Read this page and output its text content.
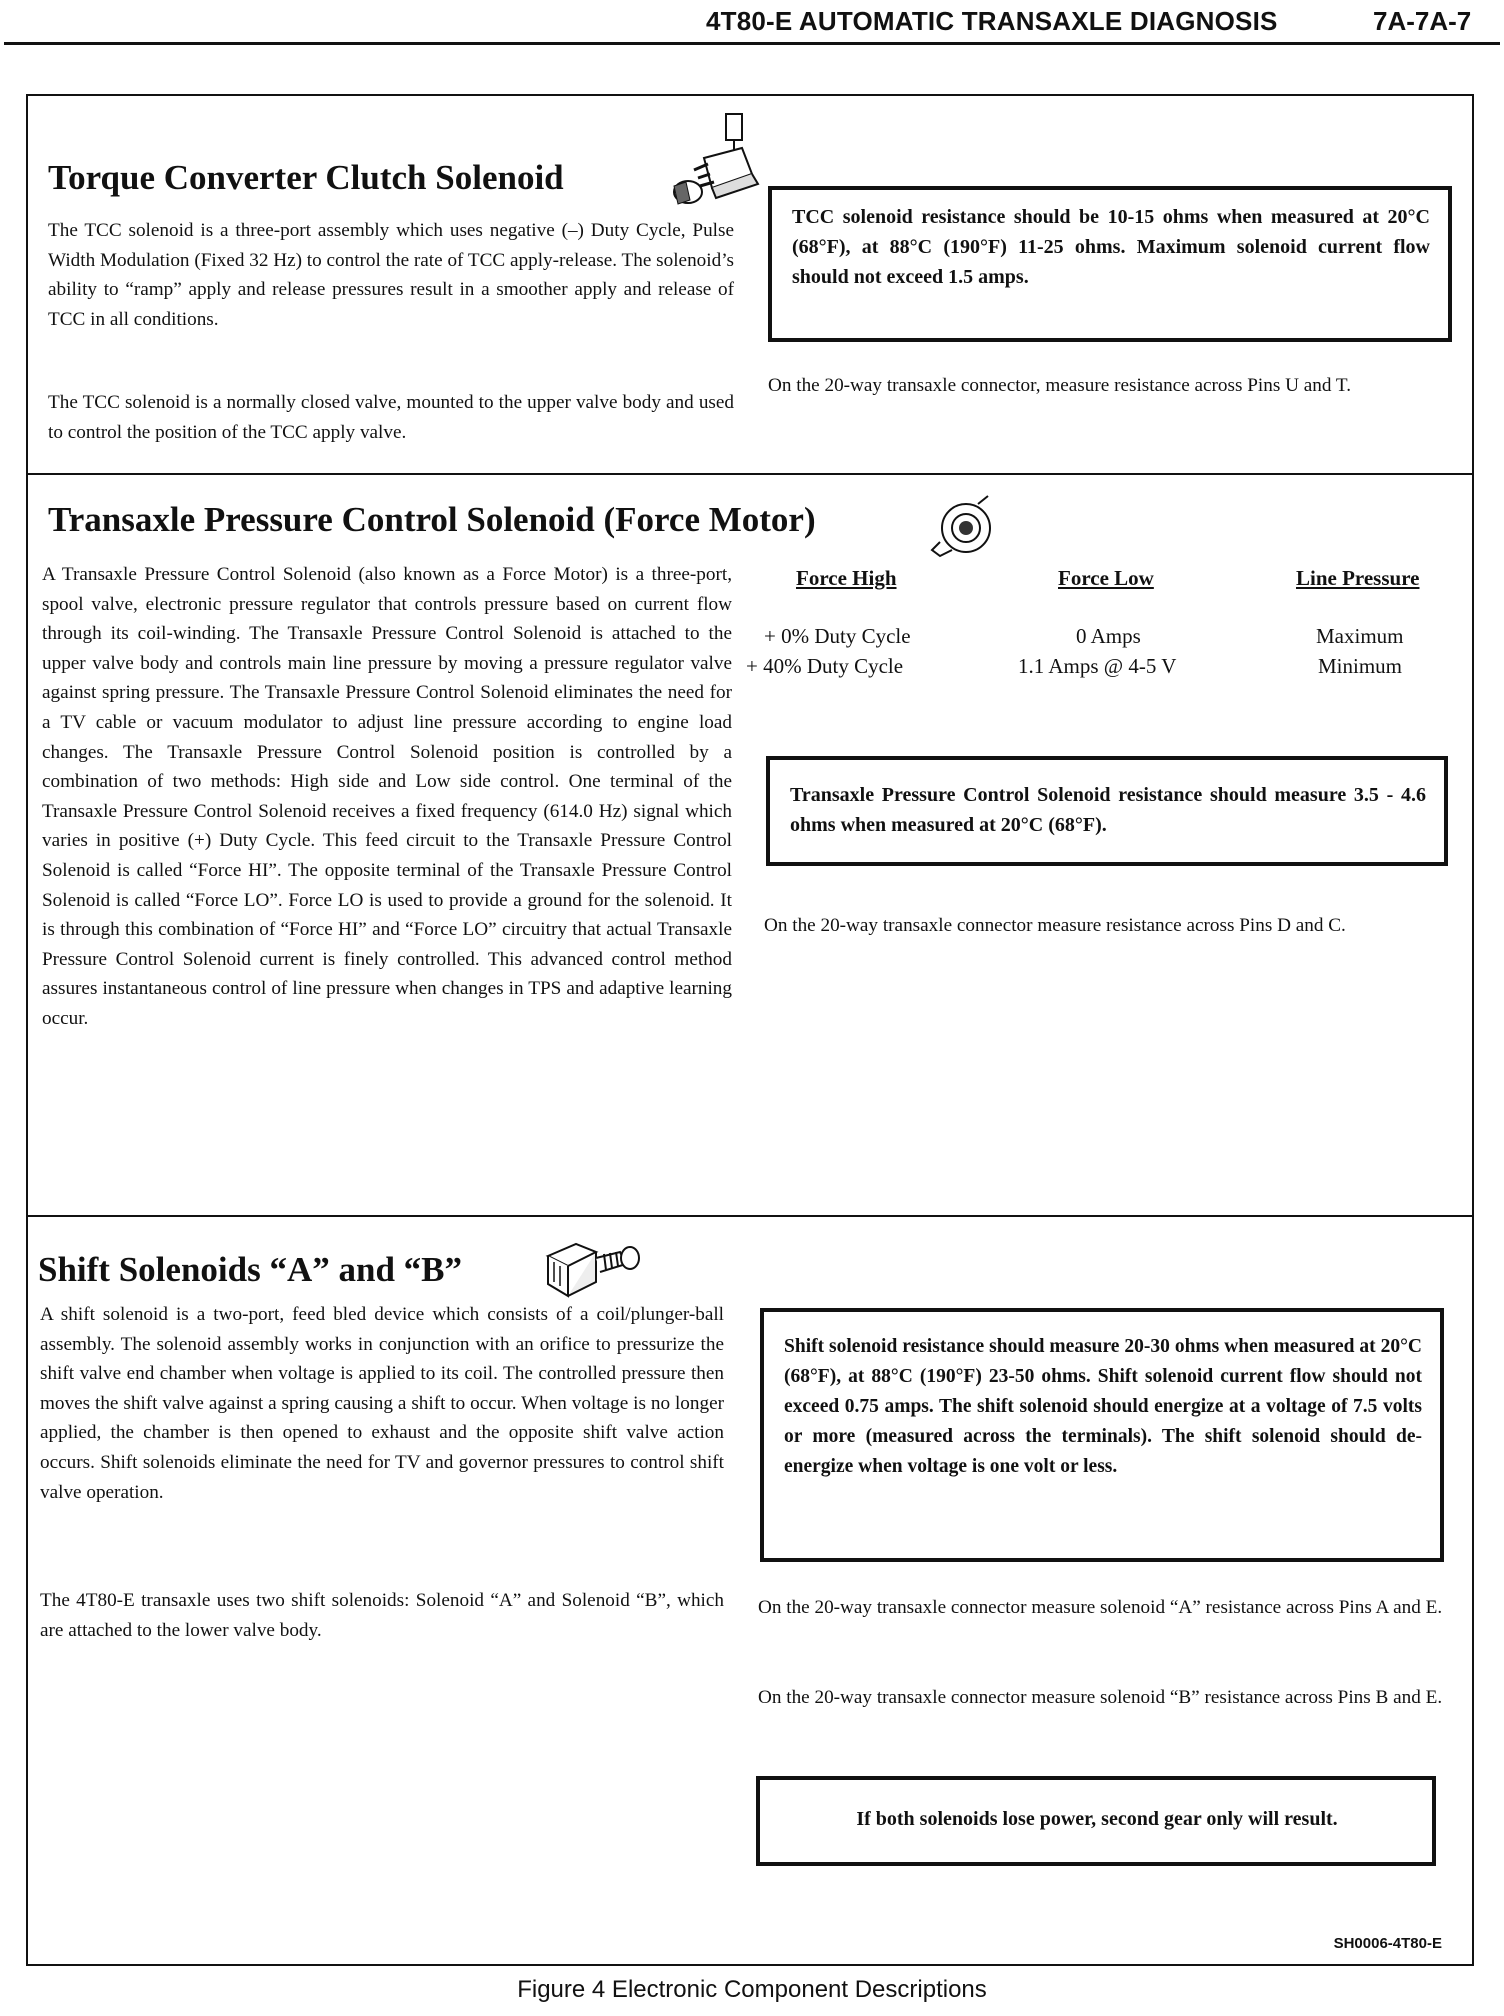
4T80-E AUTOMATIC TRANSAXLE DIAGNOSIS	7A-7A-7
Torque Converter Clutch Solenoid

The TCC solenoid is a three-port assembly which uses negative (–) Duty Cycle, Pulse Width Modulation (Fixed 32 Hz) to control the rate of TCC apply-release. The solenoid’s ability to “ramp” apply and release pressures result in a smoother apply and release of TCC in all conditions.

The TCC solenoid is a normally closed valve, mounted to the upper valve body and used to control the position of the TCC apply valve.

TCC solenoid resistance should be 10-15 ohms when measured at 20°C (68°F), at 88°C (190°F) 11-25 ohms. Maximum solenoid current flow should not exceed 1.5 amps.

On the 20-way transaxle connector, measure resistance across Pins U and T.

Transaxle Pressure Control Solenoid (Force Motor)

A Transaxle Pressure Control Solenoid (also known as a Force Motor) is a three-port, spool valve, electronic pressure regulator that controls pressure based on current flow through its coil-winding. The Transaxle Pressure Control Solenoid is attached to the upper valve body and controls main line pressure by moving a pressure regulator valve against spring pressure. The Transaxle Pressure Control Solenoid eliminates the need for a TV cable or vacuum modulator to adjust line pressure according to engine load changes. The Transaxle Pressure Control Solenoid position is controlled by a combination of two methods: High side and Low side control. One terminal of the Transaxle Pressure Control Solenoid receives a fixed frequency (614.0 Hz) signal which varies in positive (+) Duty Cycle. This feed circuit to the Transaxle Pressure Control Solenoid is called “Force HI”. The opposite terminal of the Transaxle Pressure Control Solenoid is called “Force LO”. Force LO is used to provide a ground for the solenoid. It is through this combination of “Force HI” and “Force LO” circuitry that actual Transaxle Pressure Control Solenoid current is finely controlled. This advanced control method assures instantaneous control of line pressure when changes in TPS and adaptive learning occur.

Force High	Force Low	Line Pressure
+ 0% Duty Cycle	0 Amps	Maximum
+ 40% Duty Cycle	1.1 Amps @ 4-5 V	Minimum
Transaxle Pressure Control Solenoid resistance should measure 3.5 - 4.6 ohms when measured at 20°C (68°F).

On the 20-way transaxle connector measure resistance across Pins D and C.

Shift Solenoids “A” and “B”

A shift solenoid is a two-port, feed bled device which consists of a coil/plunger-ball assembly. The solenoid assembly works in conjunction with an orifice to pressurize the shift valve end chamber when voltage is applied to its coil. The controlled pressure then moves the shift valve against a spring causing a shift to occur. When voltage is no longer applied, the chamber is then opened to exhaust and the opposite shift valve action occurs. Shift solenoids eliminate the need for TV and governor pressures to control shift valve operation.

The 4T80-E transaxle uses two shift solenoids: Solenoid “A” and Solenoid “B”, which are attached to the lower valve body.

Shift solenoid resistance should measure 20-30 ohms when measured at 20°C (68°F), at 88°C (190°F) 23-50 ohms. Shift solenoid current flow should not exceed 0.75 amps. The shift solenoid should energize at a voltage of 7.5 volts or more (measured across the terminals). The shift solenoid should de-energize when voltage is one volt or less.

On the 20-way transaxle connector measure solenoid “A” resistance across Pins A and E.

On the 20-way transaxle connector measure solenoid “B” resistance across Pins B and E.

If both solenoids lose power, second gear only will result.
SH0006-4T80-E
Figure 4 Electronic Component Descriptions
